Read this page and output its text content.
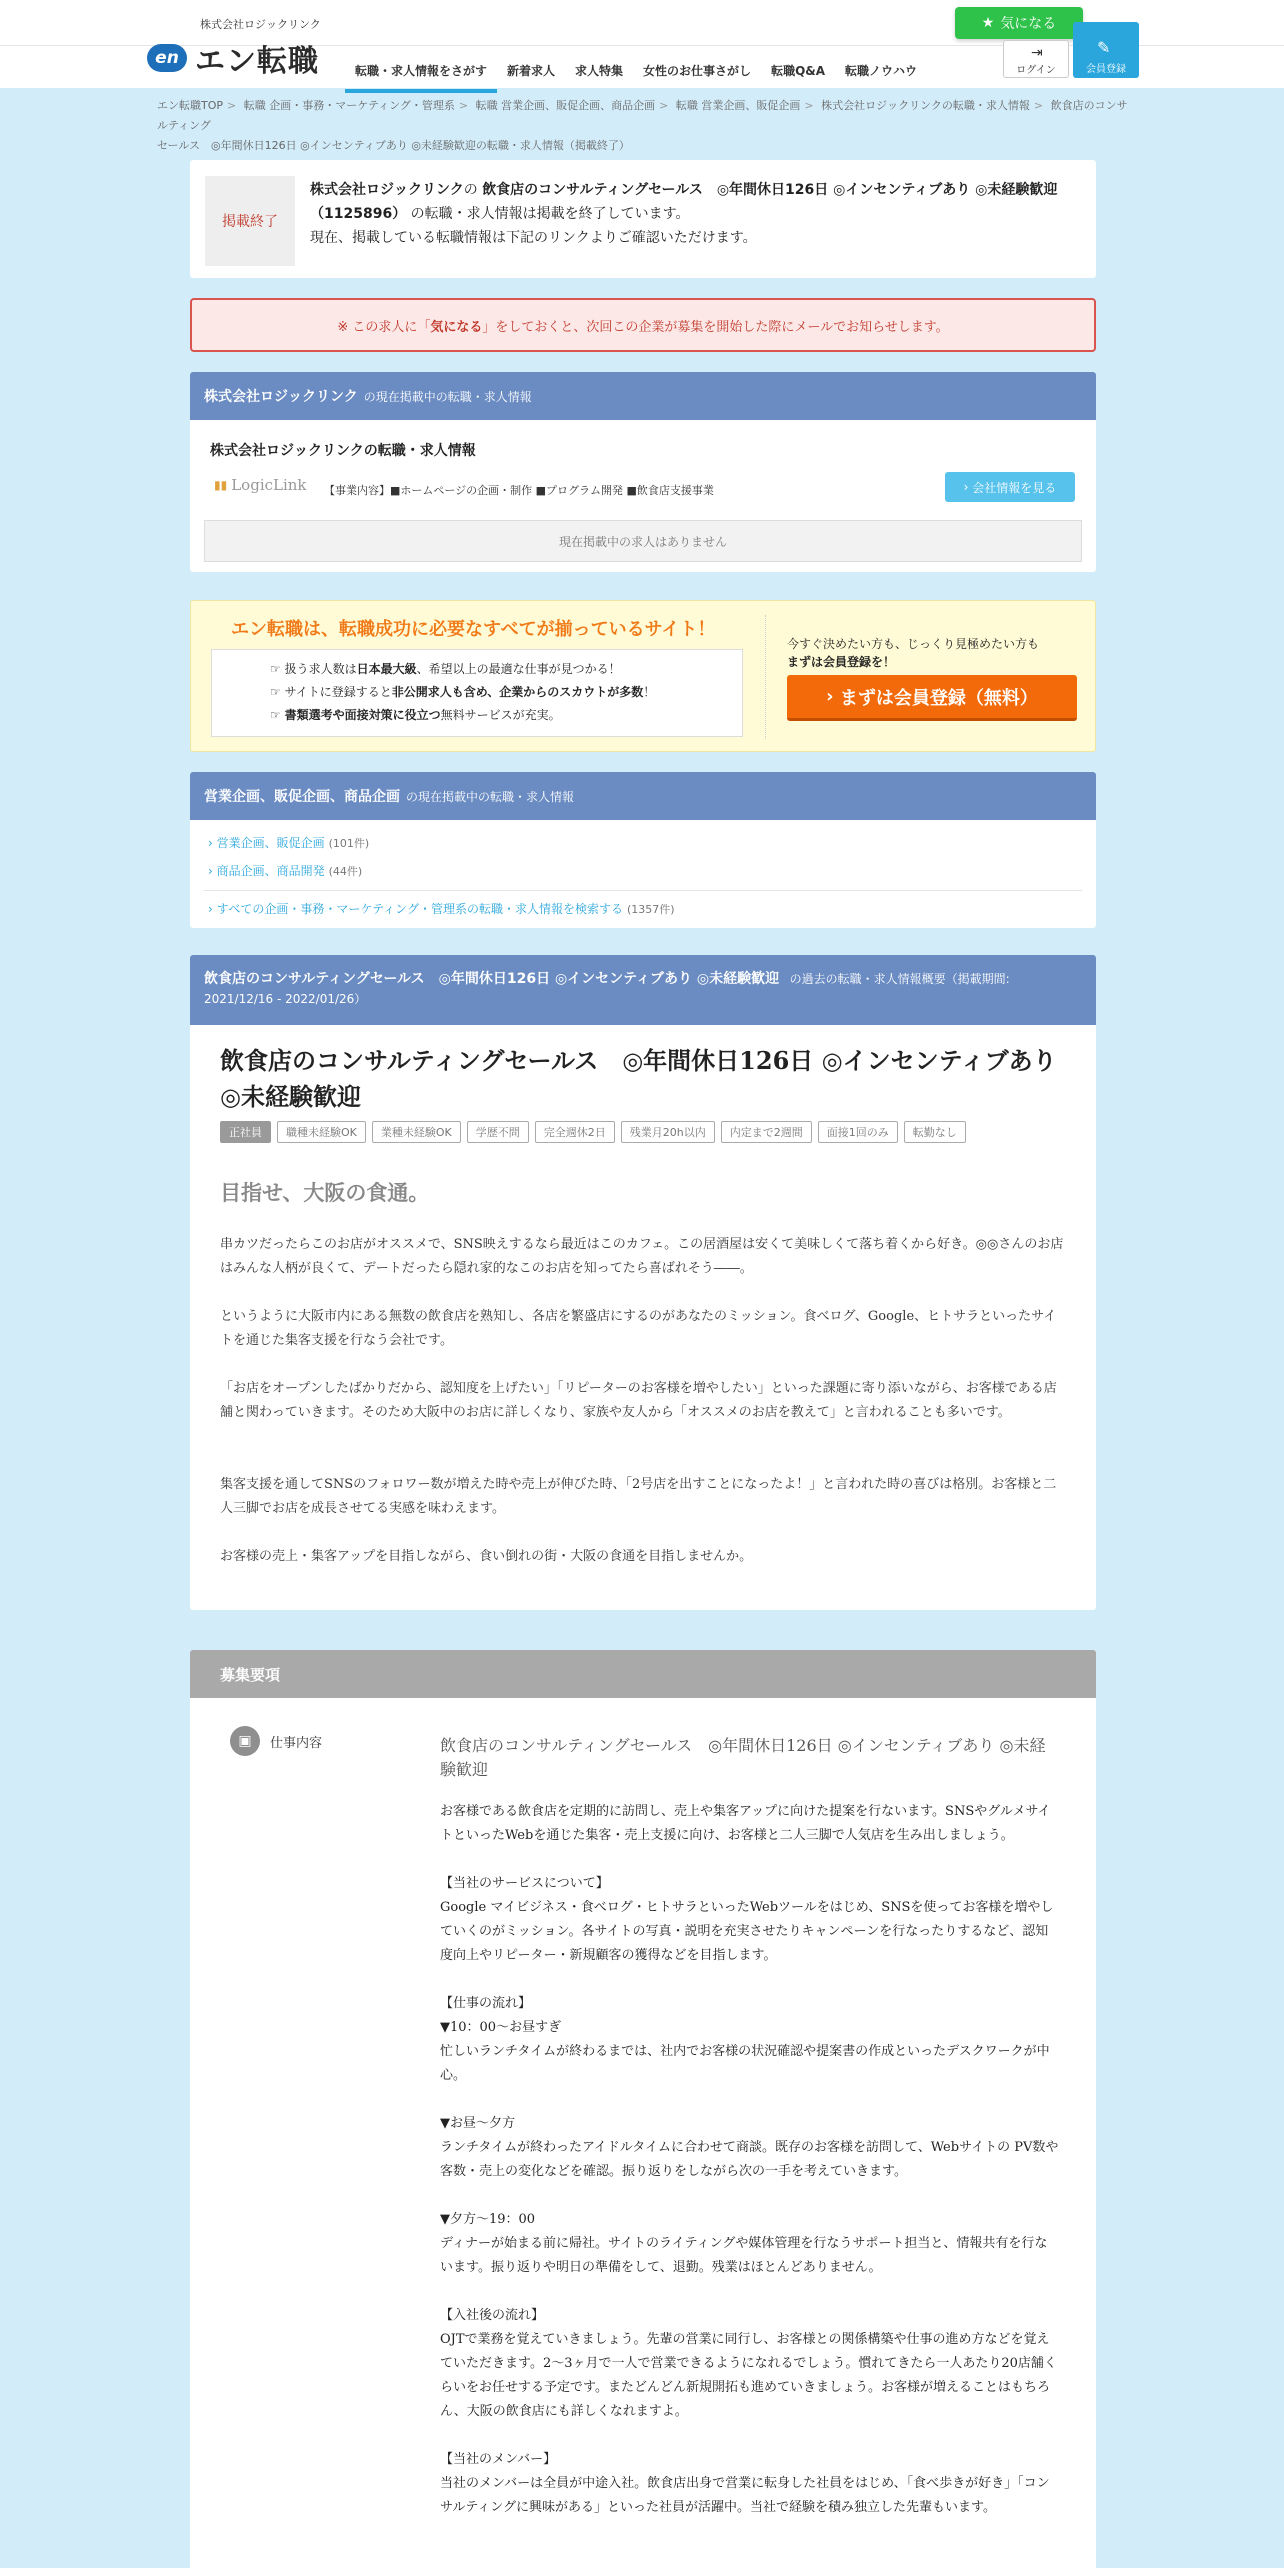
株式会社ロジックリンク	★ 気になる
en エン転職	転職・求人情報をさがす	新着求人	求人特集	女性のお仕事さがし	転職Q&A	転職ノウハウ
⇥
ログイン
✎
会員登録
エン転職TOP > 転職 企画・事務・マーケティング・管理系 > 転職 営業企画、販促企画、商品企画 > 転職 営業企画、販促企画 > 株式会社ロジックリンクの転職・求人情報 > 飲食店のコンサルティング
セールス　◎年間休日126日 ◎インセンティブあり ◎未経験歓迎の転職・求人情報（掲載終了）
掲載終了
株式会社ロジックリンクの 飲食店のコンサルティングセールス　◎年間休日126日 ◎インセンティブあり ◎未経験歓迎（1125896） の転職・求人情報は掲載を終了しています。
現在、掲載している転職情報は下記のリンクよりご確認いただけます。
※ この求人に「 気になる 」をしておくと、次回この企業が募集を開始した際にメールでお知らせします。
株式会社ロジックリンク の現在掲載中の転職・求人情報
株式会社ロジックリンクの転職・求人情報
▮▮ LogicLink 【事業内容】■ホームページの企画・制作 ■プログラム開発 ■飲食店支援事業	› 会社情報を見る
現在掲載中の求人はありません
エン転職は、転職成功に必要なすべてが揃っているサイト！
☞ 扱う求人数は日本最大級、希望以上の最適な仕事が見つかる！
☞ サイトに登録すると非公開求人も含め、企業からのスカウトが多数！
☞ 書類選考や面接対策に役立つ無料サービスが充実。
今すぐ決めたい方も、じっくり見極めたい方も
まずは会員登録を！
› まずは会員登録（無料）
営業企画、販促企画、商品企画 の現在掲載中の転職・求人情報
› 営業企画、販促企画 (101件)
› 商品企画、商品開発 (44件)
› すべての企画・事務・マーケティング・管理系の転職・求人情報を検索する (1357件)
飲食店のコンサルティングセールス　◎年間休日126日 ◎インセンティブあり ◎未経験歓迎 の過去の転職・求人情報概要（掲載期間: 2021/12/16 - 2022/01/26）
飲食店のコンサルティングセールス　◎年間休日126日 ◎インセンティブあり ◎未経験歓迎
正社員	職種未経験OK	業種未経験OK	学歴不問	完全週休2日	残業月20h以内	内定まで2週間	面接1回のみ	転勤なし
目指せ、大阪の食通。
串カツだったらこのお店がオススメで、SNS映えするなら最近はこのカフェ。この居酒屋は安くて美味しくて落ち着くから好き。◎◎さんのお店はみんな人柄が良くて、デートだったら隠れ家的なこのお店を知ってたら喜ばれそう――。
というように大阪市内にある無数の飲食店を熟知し、各店を繁盛店にするのがあなたのミッション。食べログ、Google、ヒトサラといったサイトを通じた集客支援を行なう会社です。
「お店をオープンしたばかりだから、認知度を上げたい」「リピーターのお客様を増やしたい」といった課題に寄り添いながら、お客様である店舗と関わっていきます。そのため大阪中のお店に詳しくなり、家族や友人から「オススメのお店を教えて」と言われることも多いです。
集客支援を通してSNSのフォロワー数が増えた時や売上が伸びた時、「2号店を出すことになったよ！」と言われた時の喜びは格別。お客様と二人三脚でお店を成長させてる実感を味わえます。
お客様の売上・集客アップを目指しながら、食い倒れの街・大阪の食通を目指しませんか。
募集要項
▣	仕事内容	飲食店のコンサルティングセールス　◎年間休日126日 ◎インセンティブあり ◎未経験歓迎
お客様である飲食店を定期的に訪問し、売上や集客アップに向けた提案を行ないます。SNSやグルメサイトといったWebを通じた集客・売上支援に向け、お客様と二人三脚で人気店を生み出しましょう。

【当社のサービスについて】
Google マイビジネス・食べログ・ヒトサラといったWebツールをはじめ、SNSを使ってお客様を増やしていくのがミッション。各サイトの写真・説明を充実させたりキャンペーンを行なったりするなど、認知度向上やリピーター・新規顧客の獲得などを目指します。

【仕事の流れ】
▼10：00～お昼すぎ
忙しいランチタイムが終わるまでは、社内でお客様の状況確認や提案書の作成といったデスクワークが中心。

▼お昼～夕方
ランチタイムが終わったアイドルタイムに合わせて商談。既存のお客様を訪問して、Webサイトの PV数や客数・売上の変化などを確認。振り返りをしながら次の一手を考えていきます。

▼夕方～19：00
ディナーが始まる前に帰社。サイトのライティングや媒体管理を行なうサポート担当と、情報共有を行ないます。振り返りや明日の準備をして、退勤。残業はほとんどありません。

【入社後の流れ】
OJTで業務を覚えていきましょう。先輩の営業に同行し、お客様との関係構築や仕事の進め方などを覚えていただきます。2～3ヶ月で一人で営業できるようになれるでしょう。慣れてきたら一人あたり20店舗くらいをお任せする予定です。またどんどん新規開拓も進めていきましょう。お客様が増えることはもちろん、大阪の飲食店にも詳しくなれますよ。

【当社のメンバー】
当社のメンバーは全員が中途入社。飲食店出身で営業に転身した社員をはじめ、「食べ歩きが好き」「コンサルティングに興味がある」といった社員が活躍中。当社で経験を積み独立した先輩もいます。
